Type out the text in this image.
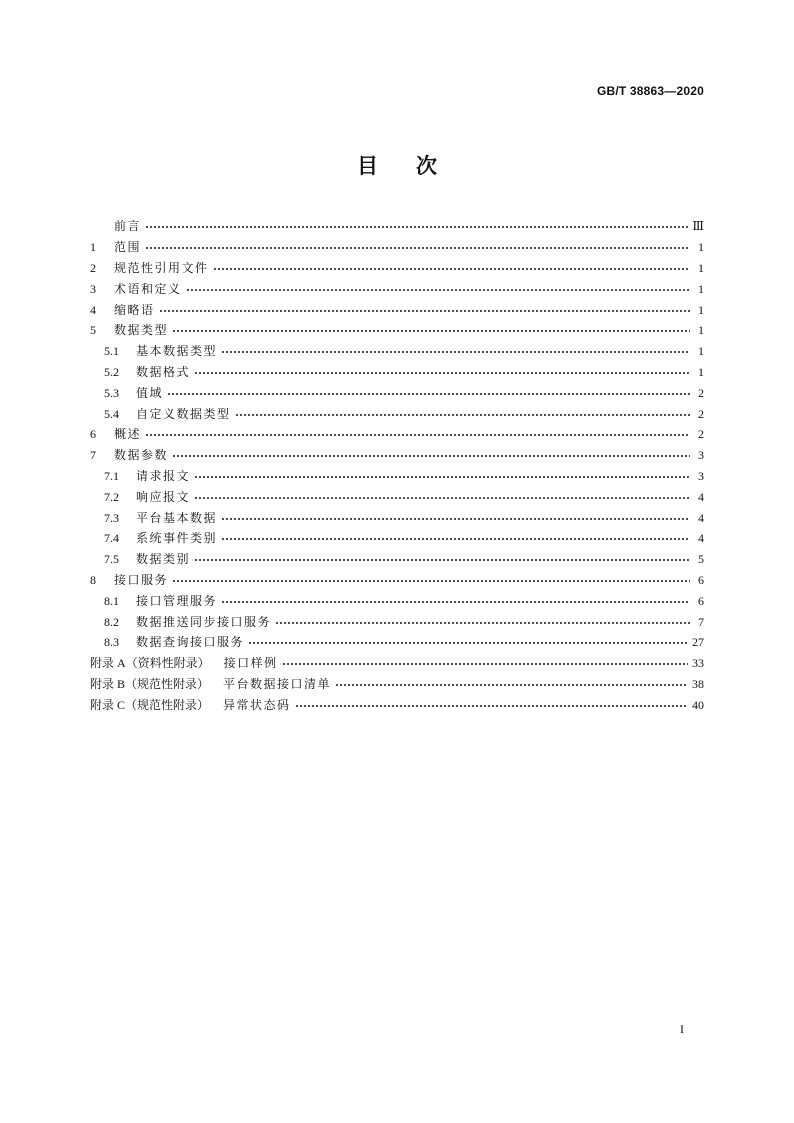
GB/T 38863—2020
目次
前言	Ⅲ
1	范围	1
2	规范性引用文件	1
3	术语和定义	1
4	缩略语	1
5	数据类型	1
5.1	基本数据类型	1
5.2	数据格式	1
5.3	值域	2
5.4	自定义数据类型	2
6	概述	2
7	数据参数	3
7.1	请求报文	3
7.2	响应报文	4
7.3	平台基本数据	4
7.4	系统事件类别	4
7.5	数据类别	5
8	接口服务	6
8.1	接口管理服务	6
8.2	数据推送同步接口服务	7
8.3	数据查询接口服务	27
附录 A（资料性附录） 接口样例	33
附录 B（规范性附录） 平台数据接口清单	38
附录 C（规范性附录） 异常状态码	40
I
